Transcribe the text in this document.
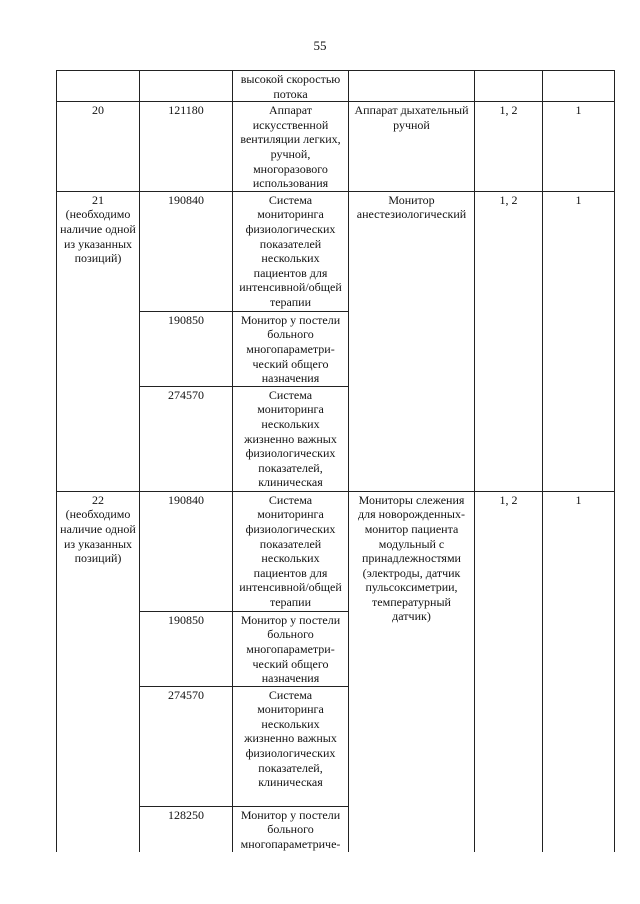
55

		высокой скоростью потока			

20	121180	Аппарат искусственной вентиляции легких, ручной, многоразового использования	Аппарат дыхательный ручной	1, 2	1
21 (необходимо наличие одной из указанных позиций)	190840	Система мониторинга физиологических показателей нескольких пациентов для интенсивной/общей терапии	Монитор анестезиологический	1, 2	1
	190850	Монитор у постели больного многопараметри-ческий общего назначения			
	274570	Система мониторинга нескольких жизненно важных физиологических показателей, клиническая			
22 (необходимо наличие одной из указанных позиций)	190840	Система мониторинга физиологических показателей нескольких пациентов для интенсивной/общей терапии	Мониторы слежения для новорожденных-монитор пациента модульный с принадлежностями (электроды, датчик пульсоксиметрии, температурный датчик)	1, 2	1
	190850	Монитор у постели больного многопараметри-ческий общего назначения			
	274570	Система мониторинга нескольких жизненно важных физиологических показателей, клиническая			
	128250	Монитор у постели больного многопараметриче-			
